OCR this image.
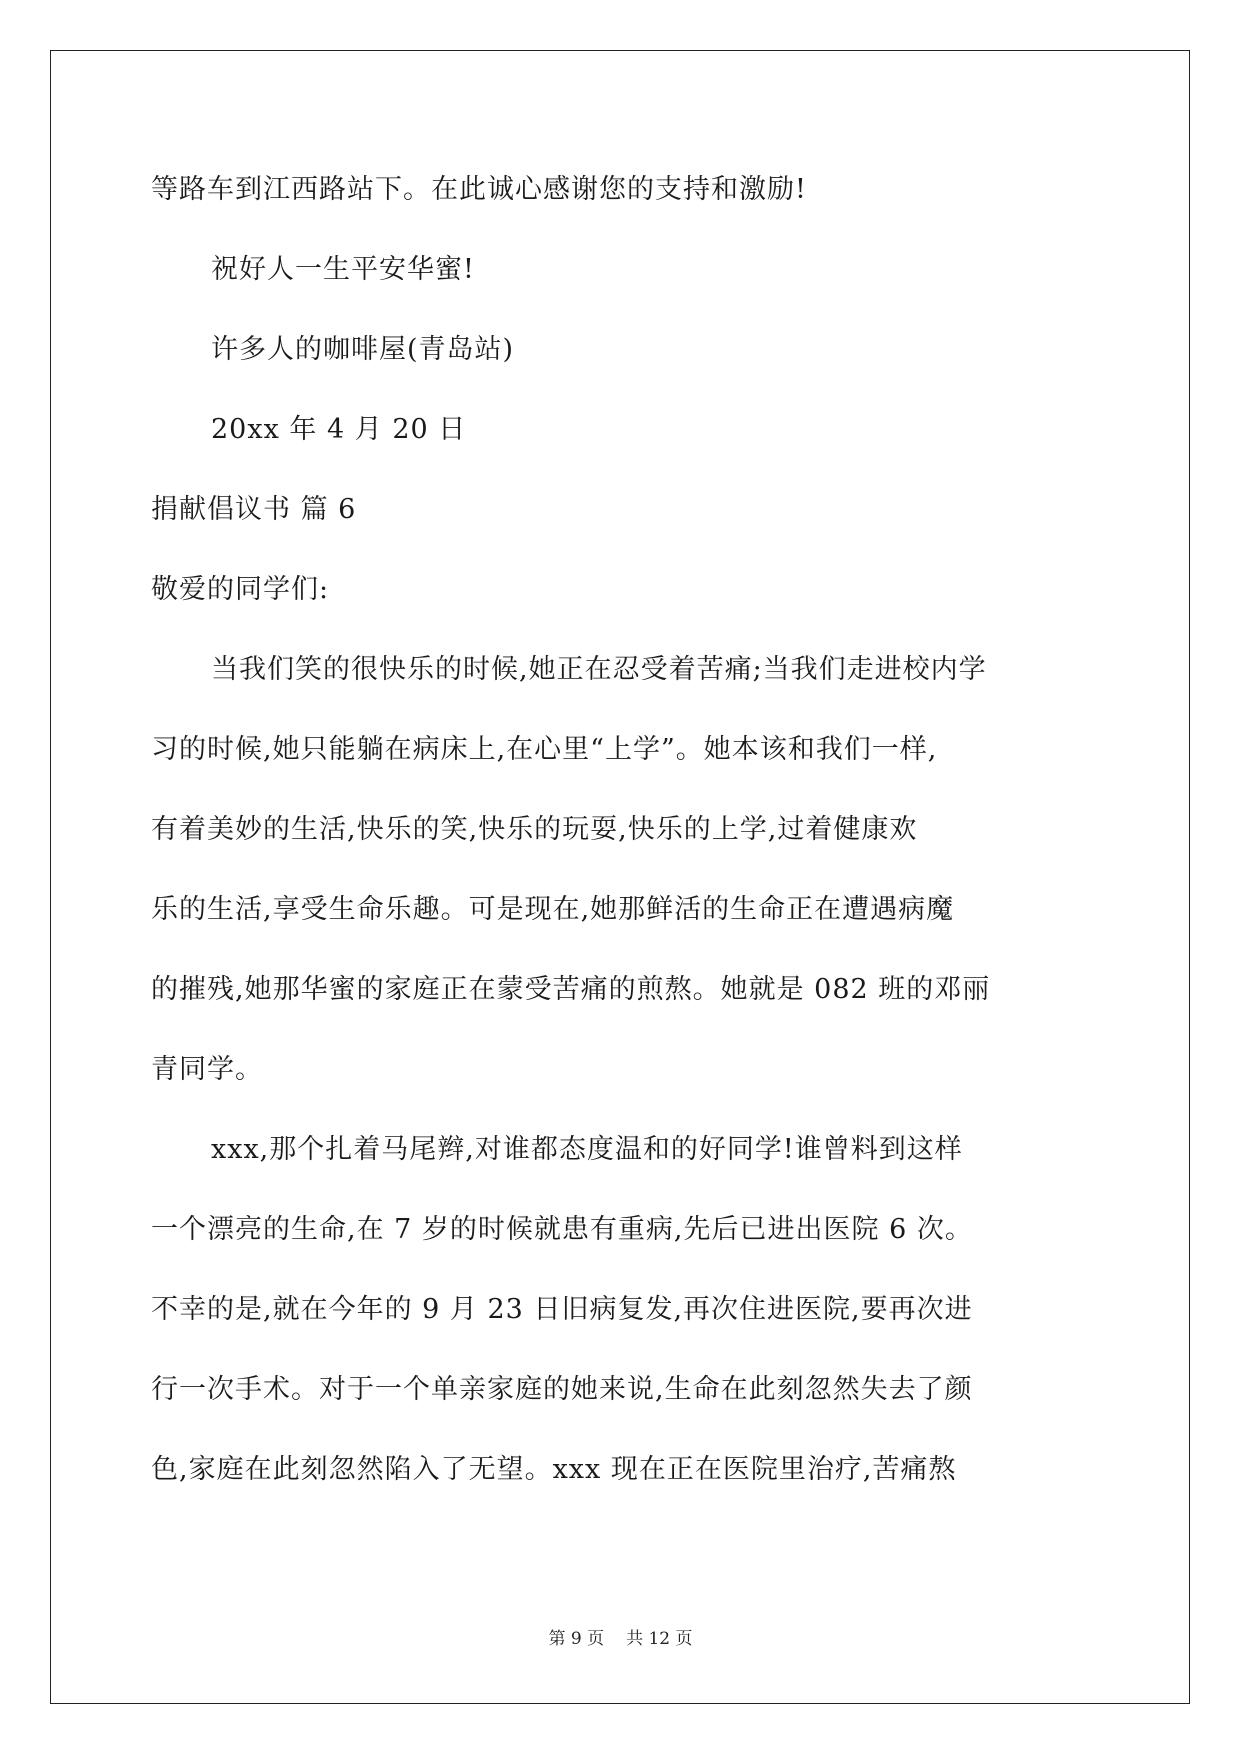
等路车到江西路站下。在此诚心感谢您的支持和激励!
祝好人一生平安华蜜!
许多人的咖啡屋(青岛站)
20xx 年 4 月 20 日
捐献倡议书 篇 6
敬爱的同学们:
当我们笑的很快乐的时候,她正在忍受着苦痛;当我们走进校内学
习的时候,她只能躺在病床上,在心里“上学”。她本该和我们一样,
有着美妙的生活,快乐的笑,快乐的玩耍,快乐的上学,过着健康欢
乐的生活,享受生命乐趣。可是现在,她那鲜活的生命正在遭遇病魔
的摧残,她那华蜜的家庭正在蒙受苦痛的煎熬。她就是 082 班的邓丽
青同学。
xxx,那个扎着马尾辫,对谁都态度温和的好同学!谁曾料到这样
一个漂亮的生命,在 7 岁的时候就患有重病,先后已进出医院 6 次。
不幸的是,就在今年的 9 月 23 日旧病复发,再次住进医院,要再次进
行一次手术。对于一个单亲家庭的她来说,生命在此刻忽然失去了颜
色,家庭在此刻忽然陷入了无望。xxx 现在正在医院里治疗,苦痛熬
第 9 页 共 12 页
